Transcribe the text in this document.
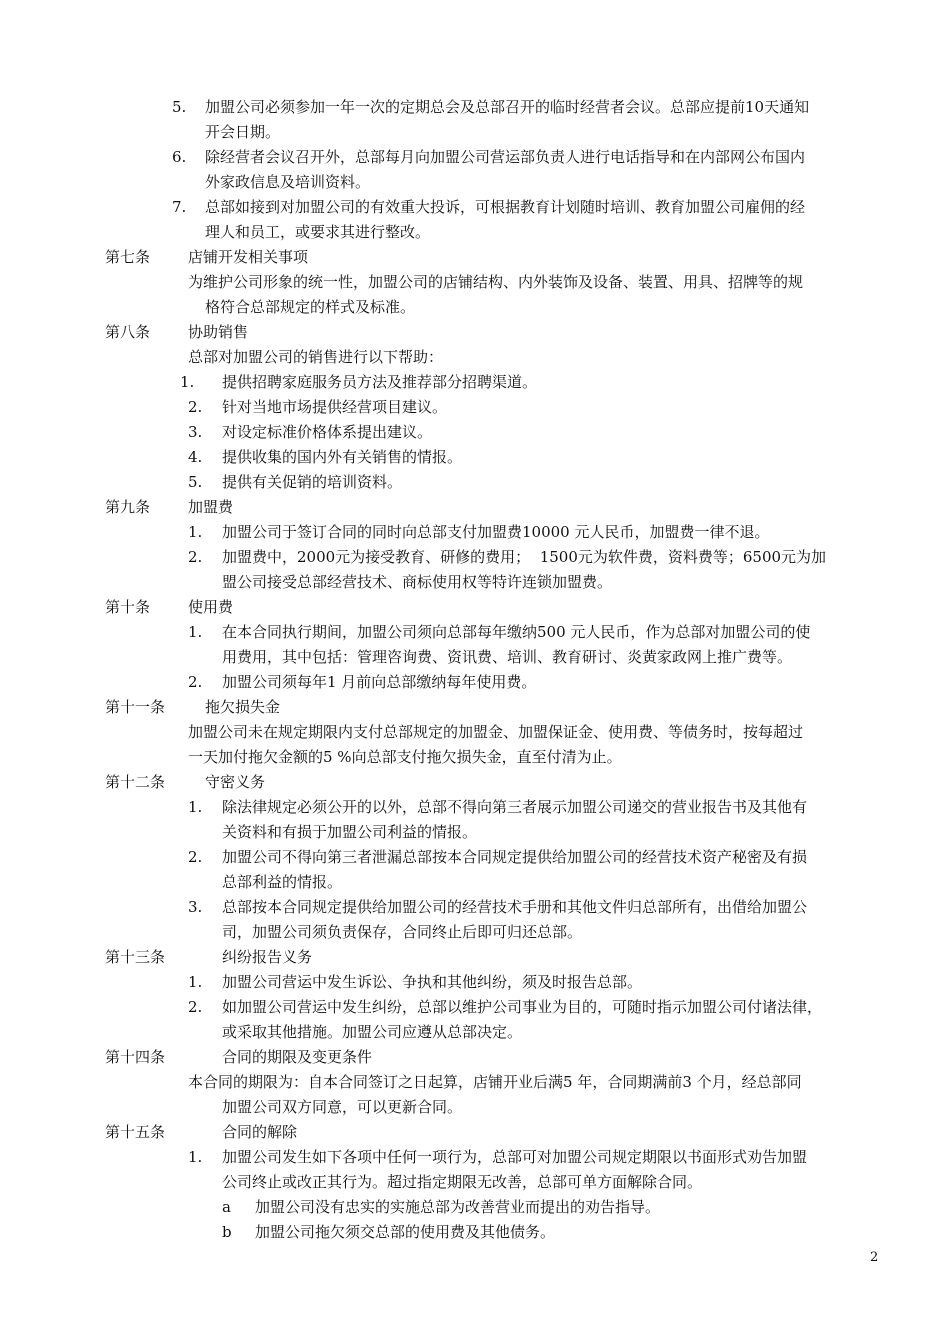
5. 加盟公司必须参加一年一次的定期总会及总部召开的临时经营者会议。总部应提前10天通知
开会日期。
6. 除经营者会议召开外，总部每月向加盟公司营运部负责人进行电话指导和在内部网公布国内
外家政信息及培训资料。
7. 总部如接到对加盟公司的有效重大投诉，可根据教育计划随时培训、教育加盟公司雇佣的经
理人和员工，或要求其进行整改。
第七条	店铺开发相关事项
为维护公司形象的统一性，加盟公司的店铺结构、内外装饰及设备、装置、用具、招牌等的规
格符合总部规定的样式及标准。
第八条	协助销售
总部对加盟公司的销售进行以下帮助：
1. 提供招聘家庭服务员方法及推荐部分招聘渠道。
2. 针对当地市场提供经营项目建议。
3. 对设定标准价格体系提出建议。
4. 提供收集的国内外有关销售的情报。
5. 提供有关促销的培训资料。
第九条	加盟费
1. 加盟公司于签订合同的同时向总部支付加盟费10000 元人民币，加盟费一律不退。
2. 加盟费中，2000元为接受教育、研修的费用；  1500元为软件费，资料费等；6500元为加
盟公司接受总部经营技术、商标使用权等特许连锁加盟费。
第十条	使用费
1. 在本合同执行期间，加盟公司须向总部每年缴纳500 元人民币，作为总部对加盟公司的使
用费用，其中包括：管理咨询费、资讯费、培训、教育研讨、炎黄家政网上推广费等。
2. 加盟公司须每年1 月前向总部缴纳每年使用费。
第十一条	拖欠损失金
加盟公司未在规定期限内支付总部规定的加盟金、加盟保证金、使用费、等债务时，按每超过
一天加付拖欠金额的5 %向总部支付拖欠损失金，直至付清为止。
第十二条	守密义务
1. 除法律规定必须公开的以外，总部不得向第三者展示加盟公司递交的营业报告书及其他有
关资料和有损于加盟公司利益的情报。
2. 加盟公司不得向第三者泄漏总部按本合同规定提供给加盟公司的经营技术资产秘密及有损
总部利益的情报。
3. 总部按本合同规定提供给加盟公司的经营技术手册和其他文件归总部所有，出借给加盟公
司，加盟公司须负责保存，合同终止后即可归还总部。
第十三条	纠纷报告义务
1. 加盟公司营运中发生诉讼、争执和其他纠纷，须及时报告总部。
2. 如加盟公司营运中发生纠纷，总部以维护公司事业为目的，可随时指示加盟公司付诸法律，
或采取其他措施。加盟公司应遵从总部决定。
第十四条	合同的期限及变更条件
本合同的期限为：自本合同签订之日起算，店铺开业后满5 年，合同期满前3 个月，经总部同
加盟公司双方同意，可以更新合同。
第十五条	合同的解除
1. 加盟公司发生如下各项中任何一项行为，总部可对加盟公司规定期限以书面形式劝告加盟
公司终止或改正其行为。超过指定期限无改善，总部可单方面解除合同。
a 加盟公司没有忠实的实施总部为改善营业而提出的劝告指导。
b 加盟公司拖欠须交总部的使用费及其他债务。
2
